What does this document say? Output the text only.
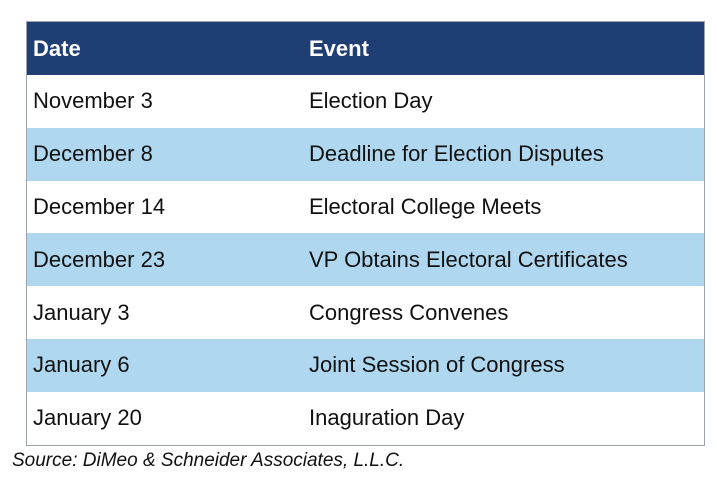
Date	Event
November 3	Election Day
December 8	Deadline for Election Disputes
December 14	Electoral College Meets
December 23	VP Obtains Electoral Certificates
January 3	Congress Convenes
January 6	Joint Session of Congress
January 20	Inaguration Day
Source: DiMeo & Schneider Associates, L.L.C.
